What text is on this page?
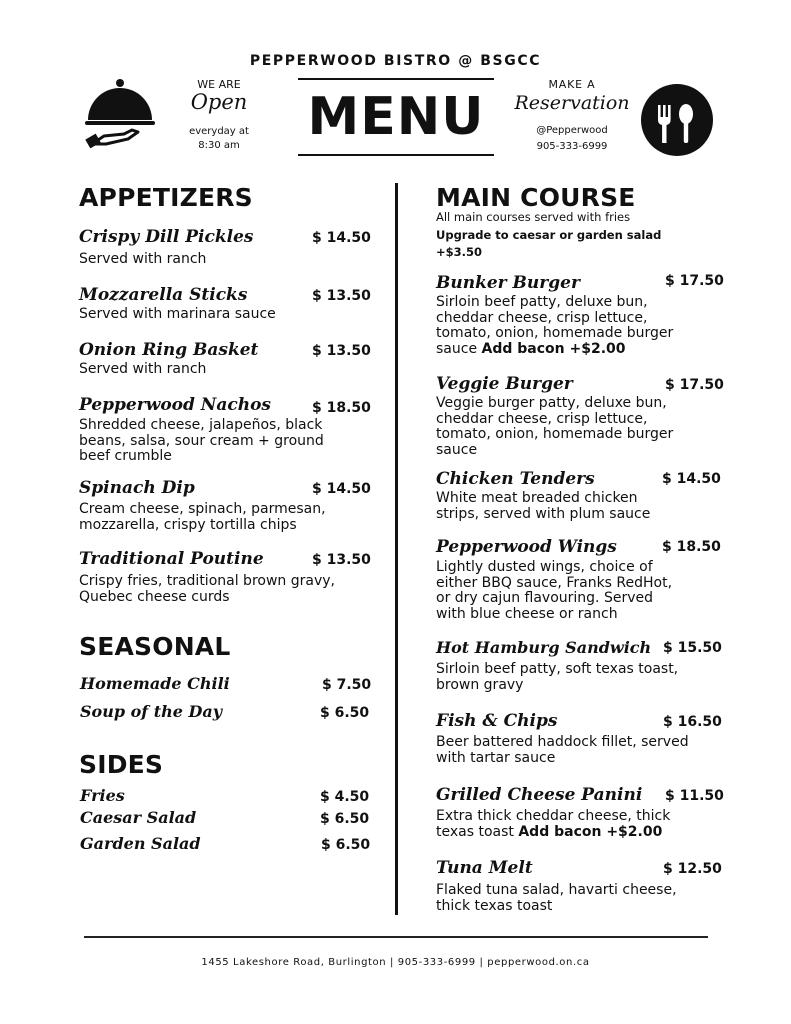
PEPPERWOOD BISTRO @ BSGCC
WE ARE
Open
everyday at
8:30 am	MENU
MAKE A
Reservation
@Pepperwood
905-333-6999
APPETIZERS
Crispy Dill Pickles	$ 14.50
Served with ranch
Mozzarella Sticks	$ 13.50
Served with marinara sauce
Onion Ring Basket	$ 13.50
Served with ranch
Pepperwood Nachos	$ 18.50
Shredded cheese, jalapeños, black
beans, salsa, sour cream + ground
beef crumble
Spinach Dip	$ 14.50
Cream cheese, spinach, parmesan,
mozzarella, crispy tortilla chips
Traditional Poutine	$ 13.50
Crispy fries, traditional brown gravy,
Quebec cheese curds
SEASONAL
Homemade Chili	$ 7.50
Soup of the Day	$ 6.50
SIDES
Fries	$ 4.50
Caesar Salad	$ 6.50
Garden Salad	$ 6.50
MAIN COURSE
All main courses served with fries
Upgrade to caesar or garden salad
+$3.50
Bunker Burger	$ 17.50
Sirloin beef patty, deluxe bun,
cheddar cheese, crisp lettuce,
tomato, onion, homemade burger
sauce Add bacon +$2.00
Veggie Burger	$ 17.50
Veggie burger patty, deluxe bun,
cheddar cheese, crisp lettuce,
tomato, onion, homemade burger
sauce
Chicken Tenders	$ 14.50
White meat breaded chicken
strips, served with plum sauce
Pepperwood Wings	$ 18.50
Lightly dusted wings, choice of
either BBQ sauce, Franks RedHot,
or dry cajun flavouring. Served
with blue cheese or ranch
Hot Hamburg Sandwich $ 15.50
Sirloin beef patty, soft texas toast,
brown gravy
Fish & Chips	$ 16.50
Beer battered haddock fillet, served
with tartar sauce
Grilled Cheese Panini $ 11.50
Extra thick cheddar cheese, thick
texas toast Add bacon +$2.00
Tuna Melt	$ 12.50
Flaked tuna salad, havarti cheese,
thick texas toast
1455 Lakeshore Road, Burlington | 905-333-6999 | pepperwood.on.ca
